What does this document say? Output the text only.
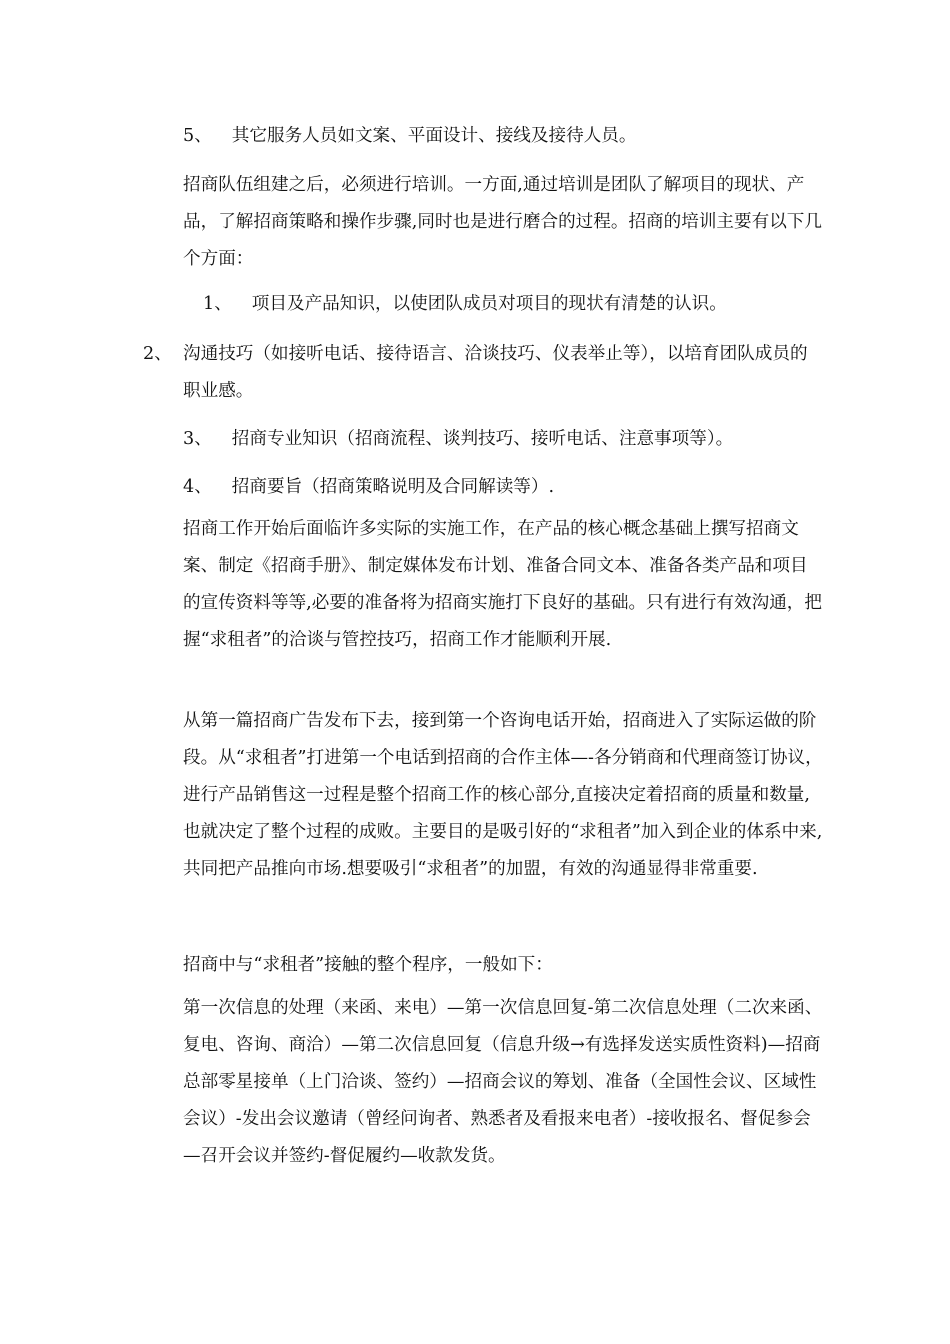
5、 其它服务人员如文案、平面设计、接线及接待人员。

招商队伍组建之后，必须进行培训。一方面,通过培训是团队了解项目的现状、产品，了解招商策略和操作步骤,同时也是进行磨合的过程。招商的培训主要有以下几个方面：

1、 项目及产品知识，以使团队成员对项目的现状有清楚的认识。

2、 沟通技巧（如接听电话、接待语言、洽谈技巧、仪表举止等），以培育团队成员的职业感。

3、 招商专业知识（招商流程、谈判技巧、接听电话、注意事项等）。

4、 招商要旨（招商策略说明及合同解读等）.

招商工作开始后面临许多实际的实施工作，在产品的核心概念基础上撰写招商文案、制定《招商手册》、制定媒体发布计划、准备合同文本、准备各类产品和项目的宣传资料等等,必要的准备将为招商实施打下良好的基础。只有进行有效沟通，把握“求租者”的洽谈与管控技巧，招商工作才能顺利开展.

从第一篇招商广告发布下去，接到第一个咨询电话开始，招商进入了实际运做的阶段。从“求租者”打进第一个电话到招商的合作主体—-各分销商和代理商签订协议，进行产品销售这一过程是整个招商工作的核心部分,直接决定着招商的质量和数量,也就决定了整个过程的成败。主要目的是吸引好的“求租者”加入到企业的体系中来,共同把产品推向市场.想要吸引“求租者”的加盟，有效的沟通显得非常重要.

招商中与“求租者”接触的整个程序，一般如下：

第一次信息的处理（来函、来电）—第一次信息回复-第二次信息处理（二次来函、复电、咨询、商洽）—第二次信息回复（信息升级→有选择发送实质性资料)—招商总部零星接单（上门洽谈、签约）—招商会议的筹划、准备（全国性会议、区域性会议）-发出会议邀请（曾经问询者、熟悉者及看报来电者）-接收报名、督促参会—召开会议并签约-督促履约—收款发货。
